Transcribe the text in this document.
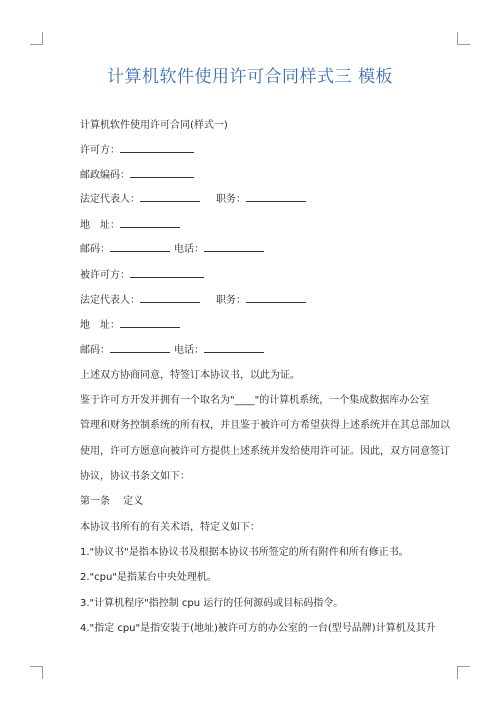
计算机软件使用许可合同样式三 模板
计算机软件使用许可合同(样式一)
许可方：
邮政编码：
法定代表人：	职务：
地　址：
邮码：	电话：
被许可方：
法定代表人：	职务：
地　址：
邮码：	电话：
上述双方协商同意，特签订本协议书，以此为证。
鉴于许可方开发并拥有一个取名为"____"的计算机系统，一个集成数据库办公室
管理和财务控制系统的所有权，并且鉴于被许可方希望获得上述系统并在其总部加以
使用，许可方愿意向被许可方提供上述系统并发给使用许可证。因此，双方同意签订
协议，协议书条文如下：
第一条　 定义
本协议书所有的有关术语，特定义如下：
1."协议书"是指本协议书及根据本协议书所签定的所有附件和所有修正书。
2."cpu"是指某台中央处理机。
3."计算机程序"指控制 cpu 运行的任何源码或目标码指令。
4."指定 cpu"是指安装于(地址)被许可方的办公室的一台(型号品牌)计算机及其升
